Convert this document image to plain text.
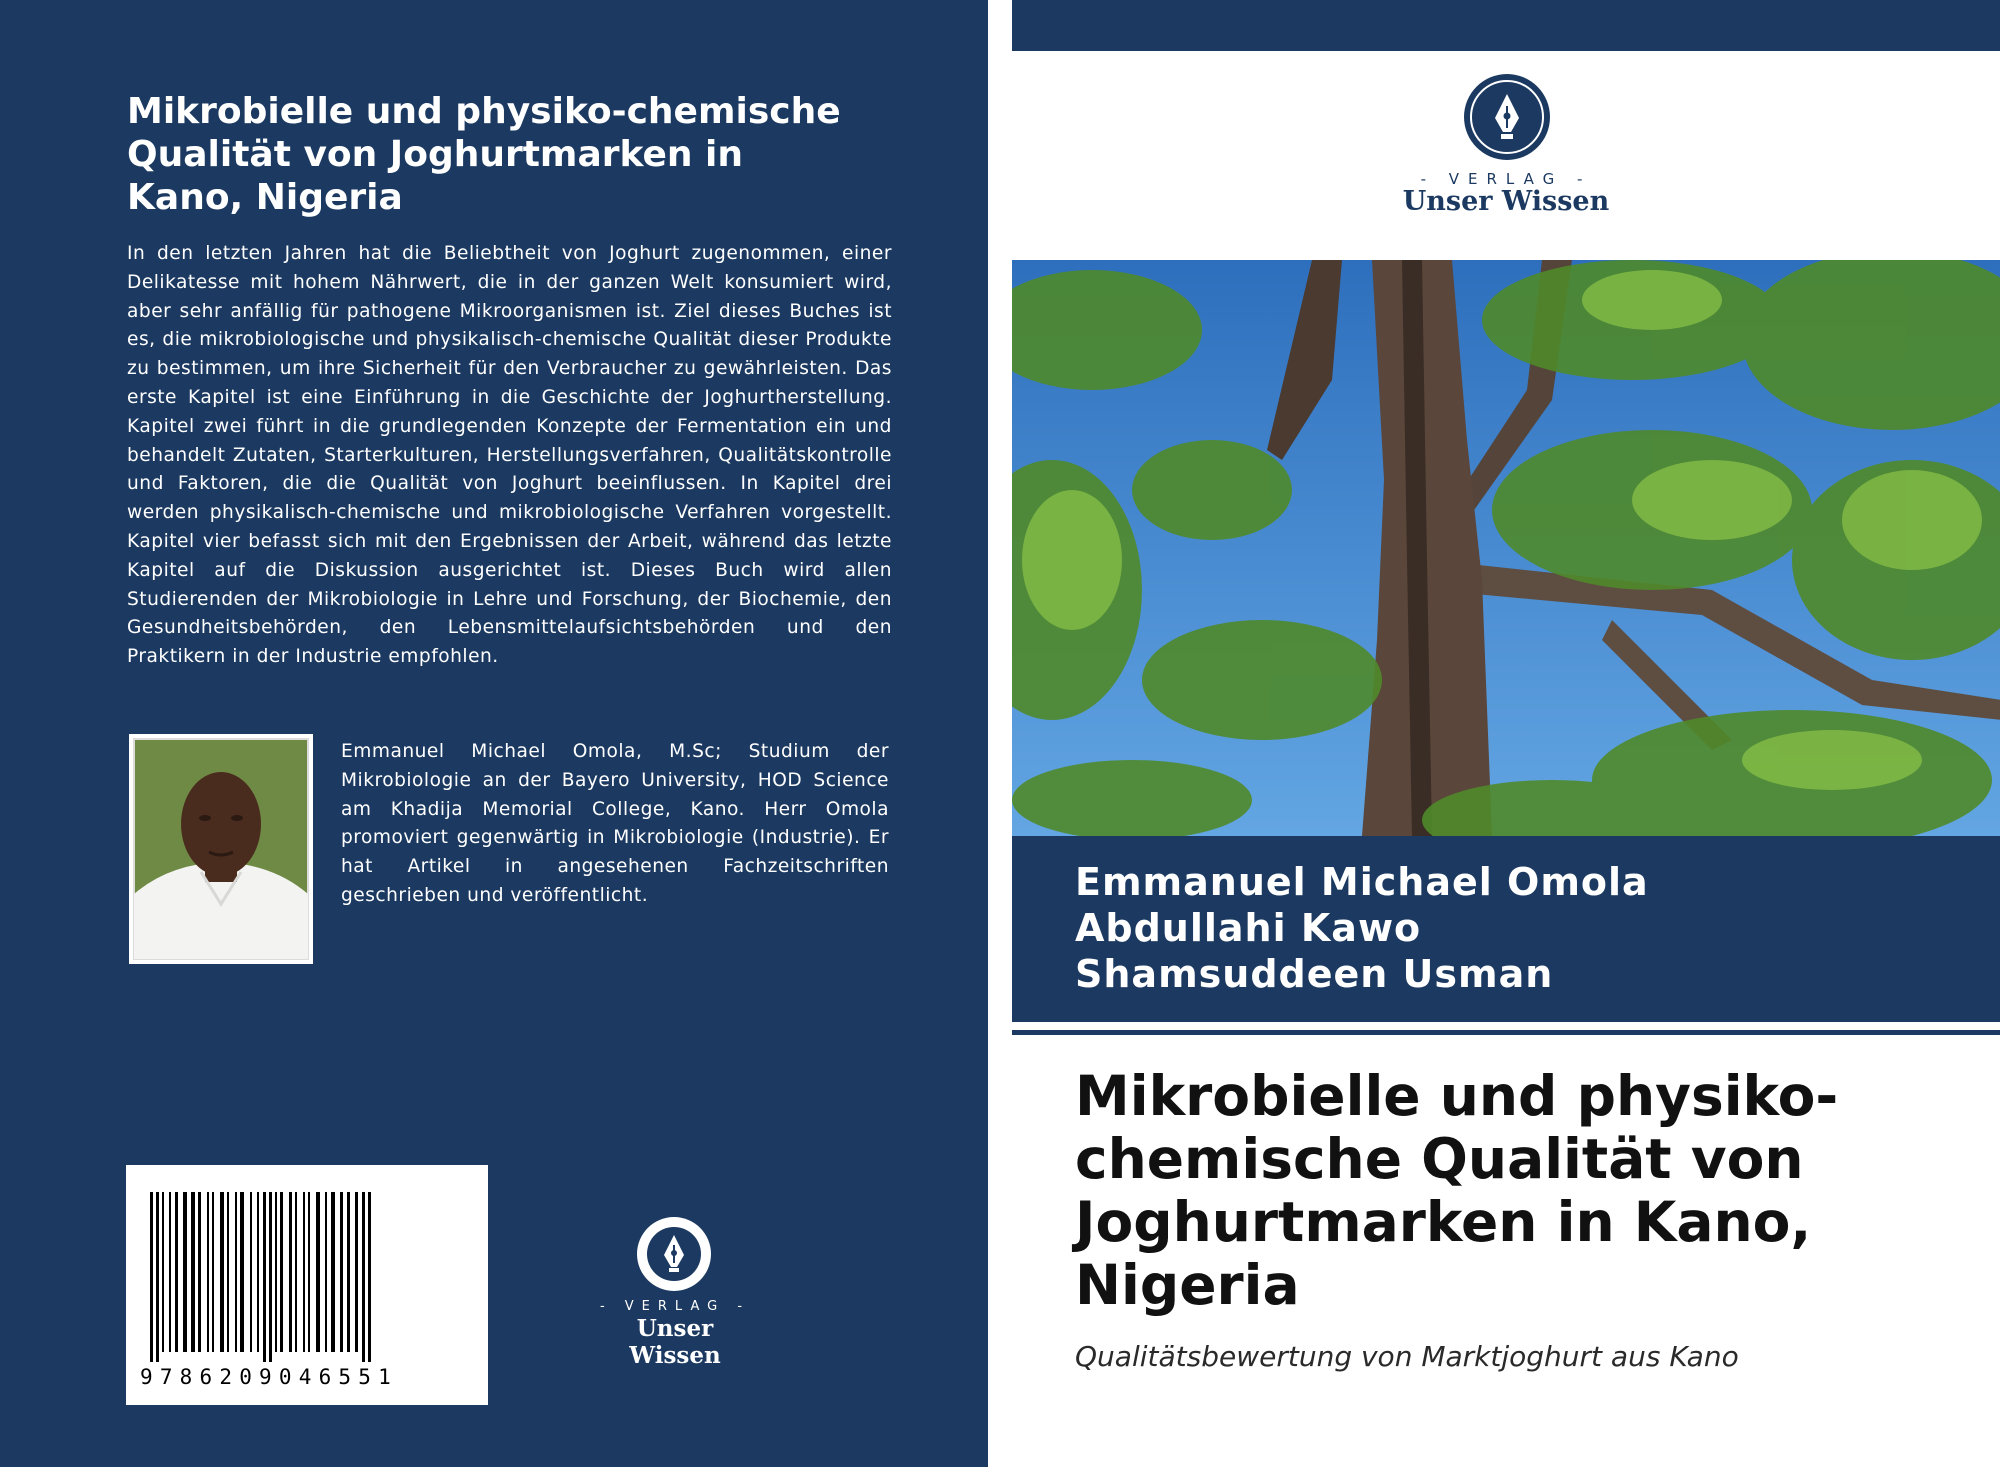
Mikrobielle und physiko-chemische Qualität von Joghurtmarken in Kano, Nigeria

In den letzten Jahren hat die Beliebtheit von Joghurt zugenommen, einer Delikatesse mit hohem Nährwert, die in der ganzen Welt konsumiert wird, aber sehr anfällig für pathogene Mikroorganismen ist. Ziel dieses Buches ist es, die mikrobiologische und physikalisch-chemische Qualität dieser Produkte zu bestimmen, um ihre Sicherheit für den Verbraucher zu gewährleisten. Das erste Kapitel ist eine Einführung in die Geschichte der Joghurtherstellung. Kapitel zwei führt in die grundlegenden Konzepte der Fermentation ein und behandelt Zutaten, Starterkulturen, Herstellungsverfahren, Qualitätskontrolle und Faktoren, die die Qualität von Joghurt beeinflussen. In Kapitel drei werden physikalisch-chemische und mikrobiologische Verfahren vorgestellt. Kapitel vier befasst sich mit den Ergebnissen der Arbeit, während das letzte Kapitel auf die Diskussion ausgerichtet ist. Dieses Buch wird allen Studierenden der Mikrobiologie in Lehre und Forschung, der Biochemie, den Gesundheitsbehörden, den Lebensmittelaufsichtsbehörden und den Praktikern in der Industrie empfohlen.

Emmanuel Michael Omola, M.Sc; Studium der Mikrobiologie an der Bayero University, HOD Science am Khadija Memorial College, Kano. Herr Omola promoviert gegenwärtig in Mikrobiologie (Industrie). Er hat Artikel in angesehenen Fachzeitschriften geschrieben und veröffentlicht.

9786209046551
- VERLAG -
Unser Wissen
- VERLAG -
Unser Wissen
Emmanuel Michael Omola
Abdullahi Kawo
Shamsuddeen Usman
Mikrobielle und physiko-chemische Qualität von Joghurtmarken in Kano, Nigeria
Qualitätsbewertung von Marktjoghurt aus Kano
